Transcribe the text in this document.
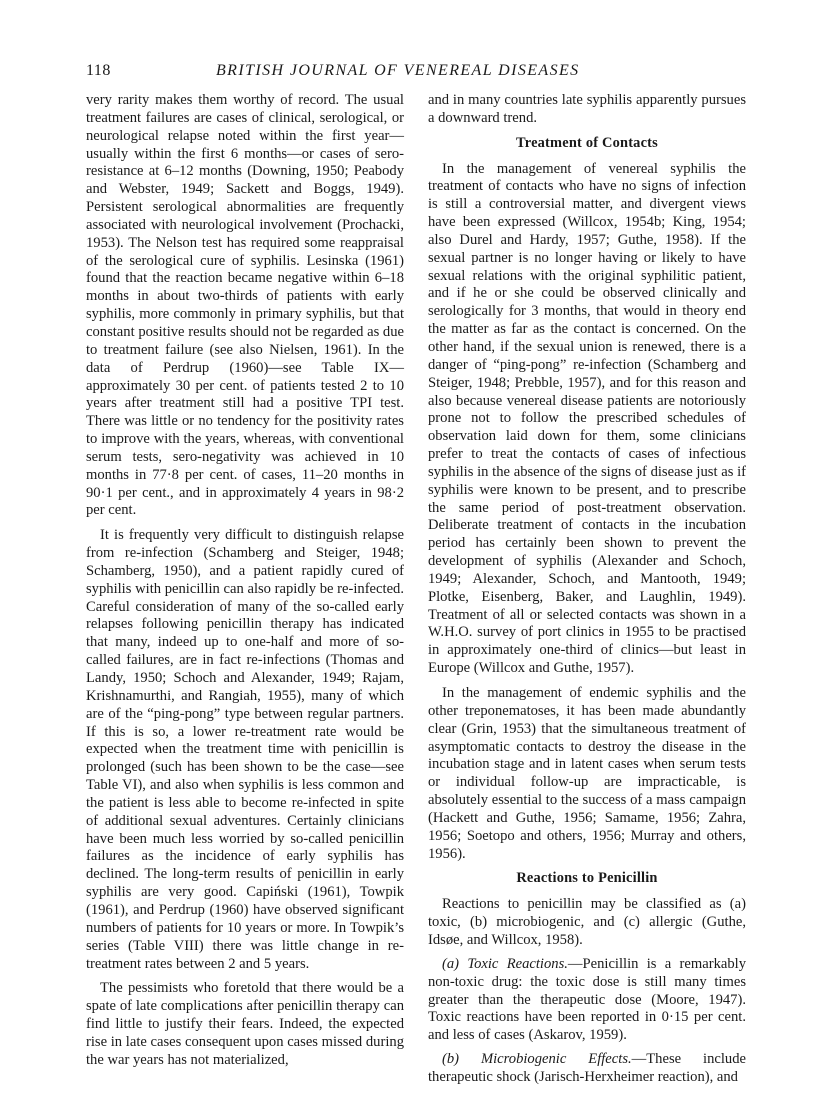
118	BRITISH JOURNAL OF VENEREAL DISEASES

very rarity makes them worthy of record. The usual treatment failures are cases of clinical, serological, or neurological relapse noted within the first year— usually within the first 6 months—or cases of sero-resistance at 6–12 months (Downing, 1950; Peabody and Webster, 1949; Sackett and Boggs, 1949). Persistent serological abnormalities are frequently associated with neurological involvement (Prochacki, 1953). The Nelson test has required some reappraisal of the serological cure of syphilis. Lesinska (1961) found that the reaction became negative within 6–18 months in about two-thirds of patients with early syphilis, more commonly in primary syphilis, but that constant positive results should not be regarded as due to treatment failure (see also Nielsen, 1961). In the data of Perdrup (1960)—see Table IX—approximately 30 per cent. of patients tested 2 to 10 years after treatment still had a positive TPI test. There was little or no tendency for the positivity rates to improve with the years, whereas, with conventional serum tests, sero-negativity was achieved in 10 months in 77·8 per cent. of cases, 11–20 months in 90·1 per cent., and in approximately 4 years in 98·2 per cent.

It is frequently very difficult to distinguish relapse from re-infection (Schamberg and Steiger, 1948; Schamberg, 1950), and a patient rapidly cured of syphilis with penicillin can also rapidly be re-infected. Careful consideration of many of the so-called early relapses following penicillin therapy has indicated that many, indeed up to one-half and more of so-called failures, are in fact re-infections (Thomas and Landy, 1950; Schoch and Alexander, 1949; Rajam, Krishnamurthi, and Rangiah, 1955), many of which are of the “ping-pong” type between regular partners. If this is so, a lower re-treatment rate would be expected when the treatment time with penicillin is prolonged (such has been shown to be the case—see Table VI), and also when syphilis is less common and the patient is less able to become re-infected in spite of additional sexual adventures. Certainly clinicians have been much less worried by so-called penicillin failures as the incidence of early syphilis has declined. The long-term results of penicillin in early syphilis are very good. Capiński (1961), Towpik (1961), and Perdrup (1960) have observed significant numbers of patients for 10 years or more. In Towpik’s series (Table VIII) there was little change in re-treatment rates between 2 and 5 years.

The pessimists who foretold that there would be a spate of late complications after penicillin therapy can find little to justify their fears. Indeed, the expected rise in late cases consequent upon cases missed during the war years has not materialized,

and in many countries late syphilis apparently pursues a downward trend.

Treatment of Contacts

In the management of venereal syphilis the treatment of contacts who have no signs of infection is still a controversial matter, and divergent views have been expressed (Willcox, 1954b; King, 1954; also Durel and Hardy, 1957; Guthe, 1958). If the sexual partner is no longer having or likely to have sexual relations with the original syphilitic patient, and if he or she could be observed clinically and serologically for 3 months, that would in theory end the matter as far as the contact is concerned. On the other hand, if the sexual union is renewed, there is a danger of “ping-pong” re-infection (Schamberg and Steiger, 1948; Prebble, 1957), and for this reason and also because venereal disease patients are notoriously prone not to follow the prescribed schedules of observation laid down for them, some clinicians prefer to treat the contacts of cases of infectious syphilis in the absence of the signs of disease just as if syphilis were known to be present, and to prescribe the same period of post-treatment observation. Deliberate treatment of contacts in the incubation period has certainly been shown to prevent the development of syphilis (Alexander and Schoch, 1949; Alexander, Schoch, and Mantooth, 1949; Plotke, Eisenberg, Baker, and Laughlin, 1949). Treatment of all or selected contacts was shown in a W.H.O. survey of port clinics in 1955 to be practised in approximately one-third of clinics—but least in Europe (Willcox and Guthe, 1957).

In the management of endemic syphilis and the other treponematoses, it has been made abundantly clear (Grin, 1953) that the simultaneous treatment of asymptomatic contacts to destroy the disease in the incubation stage and in latent cases when serum tests or individual follow-up are impracticable, is absolutely essential to the success of a mass campaign (Hackett and Guthe, 1956; Samame, 1956; Zahra, 1956; Soetopo and others, 1956; Murray and others, 1956).

Reactions to Penicillin

Reactions to penicillin may be classified as (a) toxic, (b) microbiogenic, and (c) allergic (Guthe, Idsøe, and Willcox, 1958).

(a) Toxic Reactions.—Penicillin is a remarkably non-toxic drug: the toxic dose is still many times greater than the therapeutic dose (Moore, 1947). Toxic reactions have been reported in 0·15 per cent. and less of cases (Askarov, 1959).

(b) Microbiogenic Effects.—These include therapeutic shock (Jarisch-Herxheimer reaction), and
